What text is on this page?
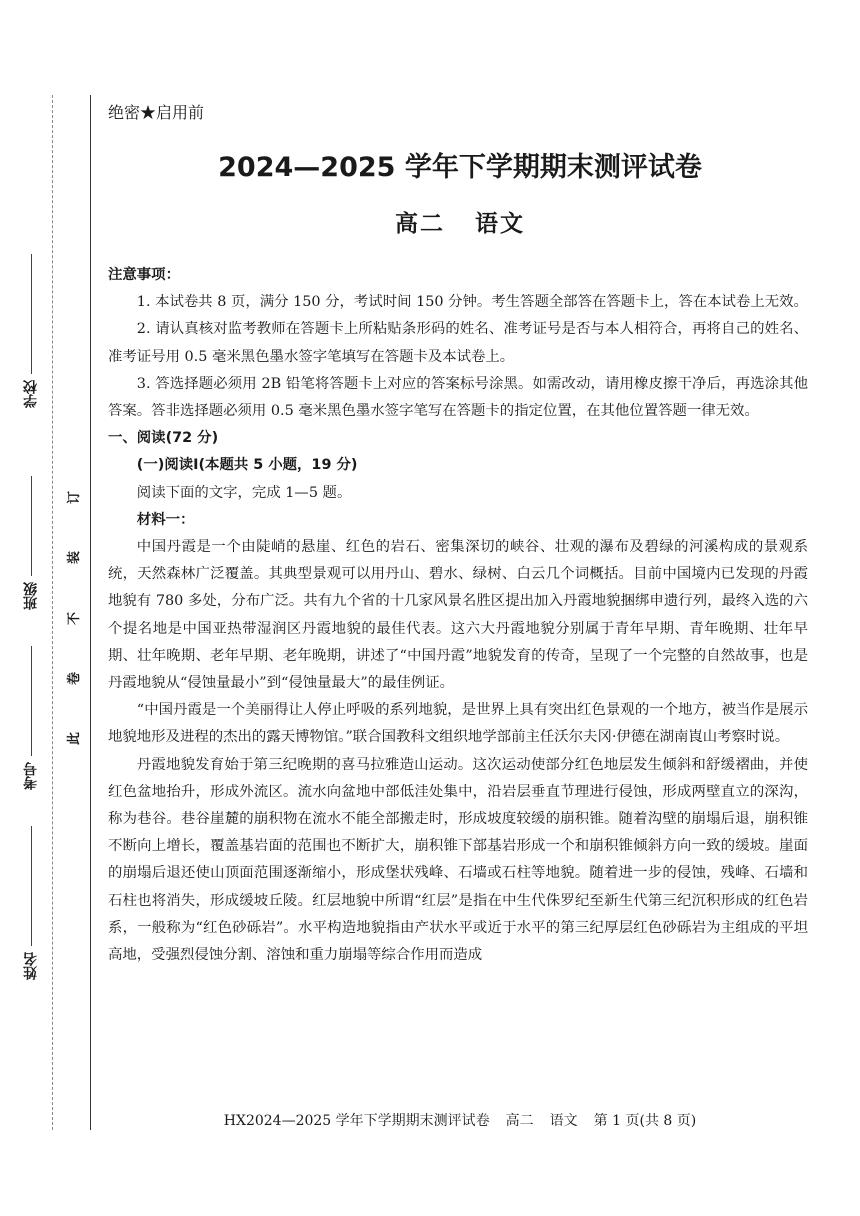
学校
班级
考号
姓名
订
装
不
卷
此
绝密★启用前
2024—2025 学年下学期期末测评试卷
高二 语文

注意事项：

1. 本试卷共 8 页，满分 150 分，考试时间 150 分钟。考生答题全部答在答题卡上，答在本试卷上无效。

2. 请认真核对监考教师在答题卡上所粘贴条形码的姓名、准考证号是否与本人相符合，再将自己的姓名、准考证号用 0.5 毫米黑色墨水签字笔填写在答题卡及本试卷上。

3. 答选择题必须用 2B 铅笔将答题卡上对应的答案标号涂黑。如需改动，请用橡皮擦干净后，再选涂其他答案。答非选择题必须用 0.5 毫米黑色墨水签字笔写在答题卡的指定位置，在其他位置答题一律无效。

一、阅读(72 分)

(一)阅读Ⅰ(本题共 5 小题，19 分)

阅读下面的文字，完成 1—5 题。

材料一：

中国丹霞是一个由陡峭的悬崖、红色的岩石、密集深切的峡谷、壮观的瀑布及碧绿的河溪构成的景观系统，天然森林广泛覆盖。其典型景观可以用丹山、碧水、绿树、白云几个词概括。目前中国境内已发现的丹霞地貌有 780 多处，分布广泛。共有九个省的十几家风景名胜区提出加入丹霞地貌捆绑申遗行列，最终入选的六个提名地是中国亚热带湿润区丹霞地貌的最佳代表。这六大丹霞地貌分别属于青年早期、青年晚期、壮年早期、壮年晚期、老年早期、老年晚期，讲述了“中国丹霞”地貌发育的传奇，呈现了一个完整的自然故事，也是丹霞地貌从“侵蚀量最小”到“侵蚀量最大”的最佳例证。

“中国丹霞是一个美丽得让人停止呼吸的系列地貌，是世界上具有突出红色景观的一个地方，被当作是展示地貌地形及进程的杰出的露天博物馆。”联合国教科文组织地学部前主任沃尔夫冈·伊德在湖南崀山考察时说。

丹霞地貌发育始于第三纪晚期的喜马拉雅造山运动。这次运动使部分红色地层发生倾斜和舒缓褶曲，并使红色盆地抬升，形成外流区。流水向盆地中部低洼处集中，沿岩层垂直节理进行侵蚀，形成两壁直立的深沟，称为巷谷。巷谷崖麓的崩积物在流水不能全部搬走时，形成坡度较缓的崩积锥。随着沟壁的崩塌后退，崩积锥不断向上增长，覆盖基岩面的范围也不断扩大，崩积锥下部基岩形成一个和崩积锥倾斜方向一致的缓坡。崖面的崩塌后退还使山顶面范围逐渐缩小，形成堡状残峰、石墙或石柱等地貌。随着进一步的侵蚀，残峰、石墙和石柱也将消失，形成缓坡丘陵。红层地貌中所谓“红层”是指在中生代侏罗纪至新生代第三纪沉积形成的红色岩系，一般称为“红色砂砾岩”。水平构造地貌指由产状水平或近于水平的第三纪厚层红色砂砾岩为主组成的平坦高地，受强烈侵蚀分割、溶蚀和重力崩塌等综合作用而造成

HX2024—2025 学年下学期期末测评试卷 高二 语文 第 1 页(共 8 页)
